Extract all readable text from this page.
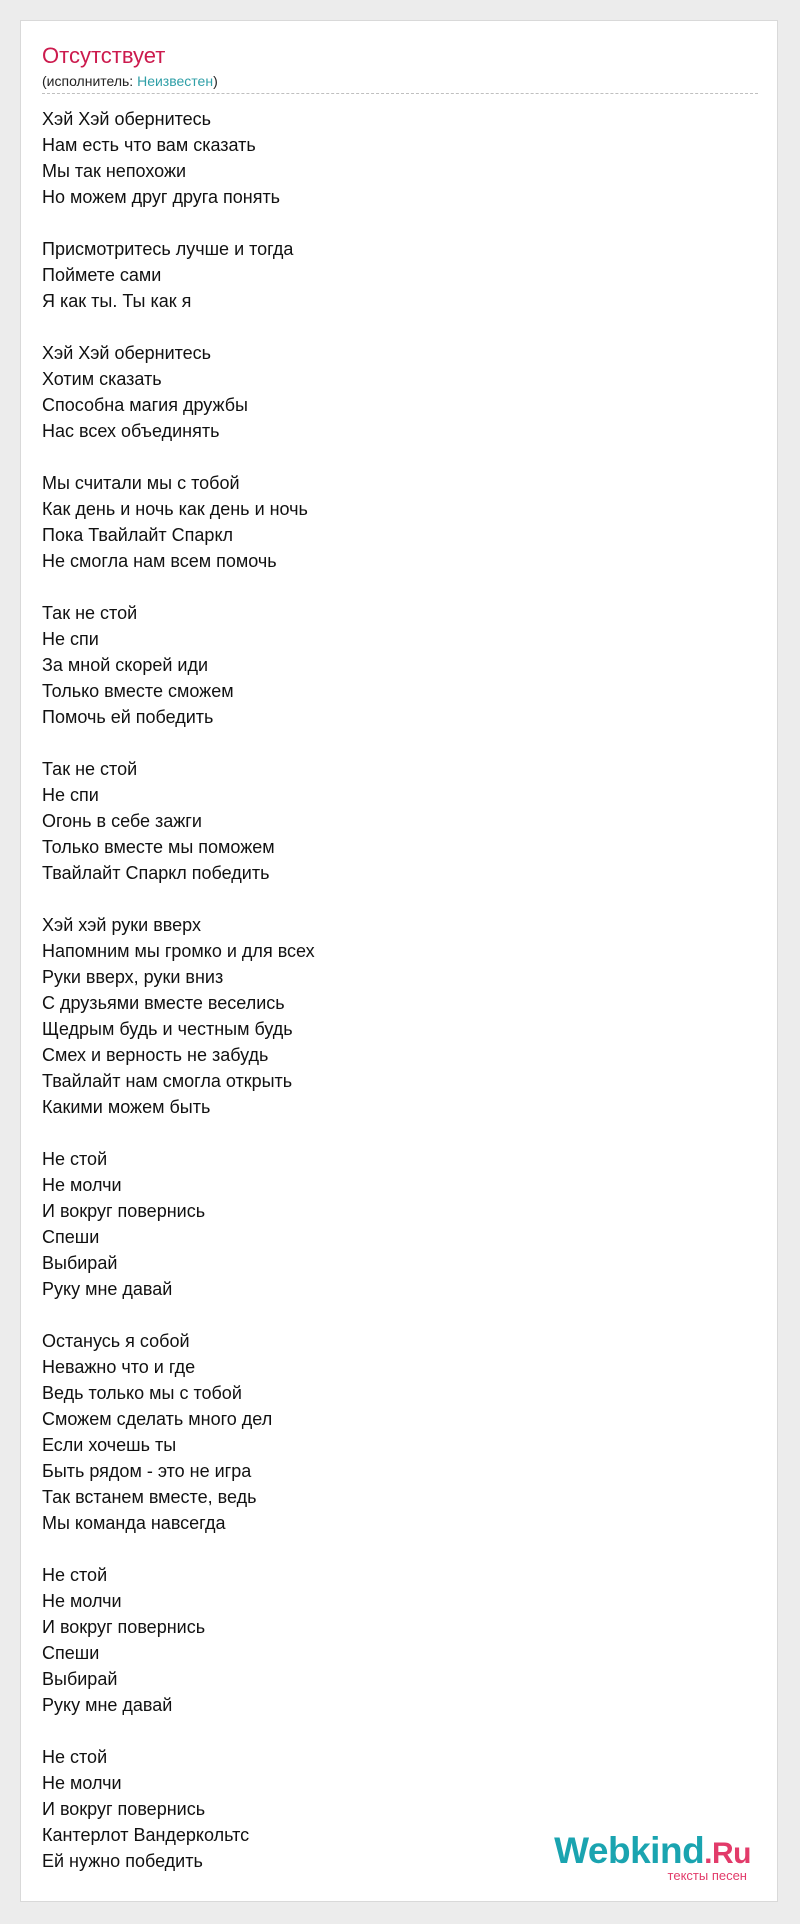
Отсутствует
(исполнитель: Неизвестен)
Хэй Хэй обернитесь
Нам есть что вам сказать
Мы так непохожи
Но можем друг друга понять
Присмотритесь лучше и тогда
Поймете сами
Я как ты. Ты как я
Хэй Хэй обернитесь
Хотим сказать
Способна магия дружбы
Нас всех объединять
Мы считали мы с тобой
Как день и ночь как день и ночь
Пока Твайлайт Спаркл
Не смогла нам всем помочь
Так не стой
Не спи
За мной скорей иди
Только вместе сможем
Помочь ей победить
Так не стой
Не спи
Огонь в себе зажги
Только вместе мы поможем
Твайлайт Спаркл победить
Хэй хэй руки вверх
Напомним мы громко и для всех
Руки вверх, руки вниз
С друзьями вместе веселись
Щедрым будь и честным будь
Смех и верность не забудь
Твайлайт нам смогла открыть
Какими можем быть
Не стой
Не молчи
И вокруг повернись
Спеши
Выбирай
Руку мне давай
Останусь я собой
Неважно что и где
Ведь только мы с тобой
Сможем сделать много дел
Если хочешь ты
Быть рядом - это не игра
Так встанем вместе, ведь
Мы команда навсегда
Не стой
Не молчи
И вокруг повернись
Спеши
Выбирай
Руку мне давай
Не стой
Не молчи
И вокруг повернись
Кантерлот Вандеркольтс
Ей нужно победить	Webkind.Ru
тексты песен
